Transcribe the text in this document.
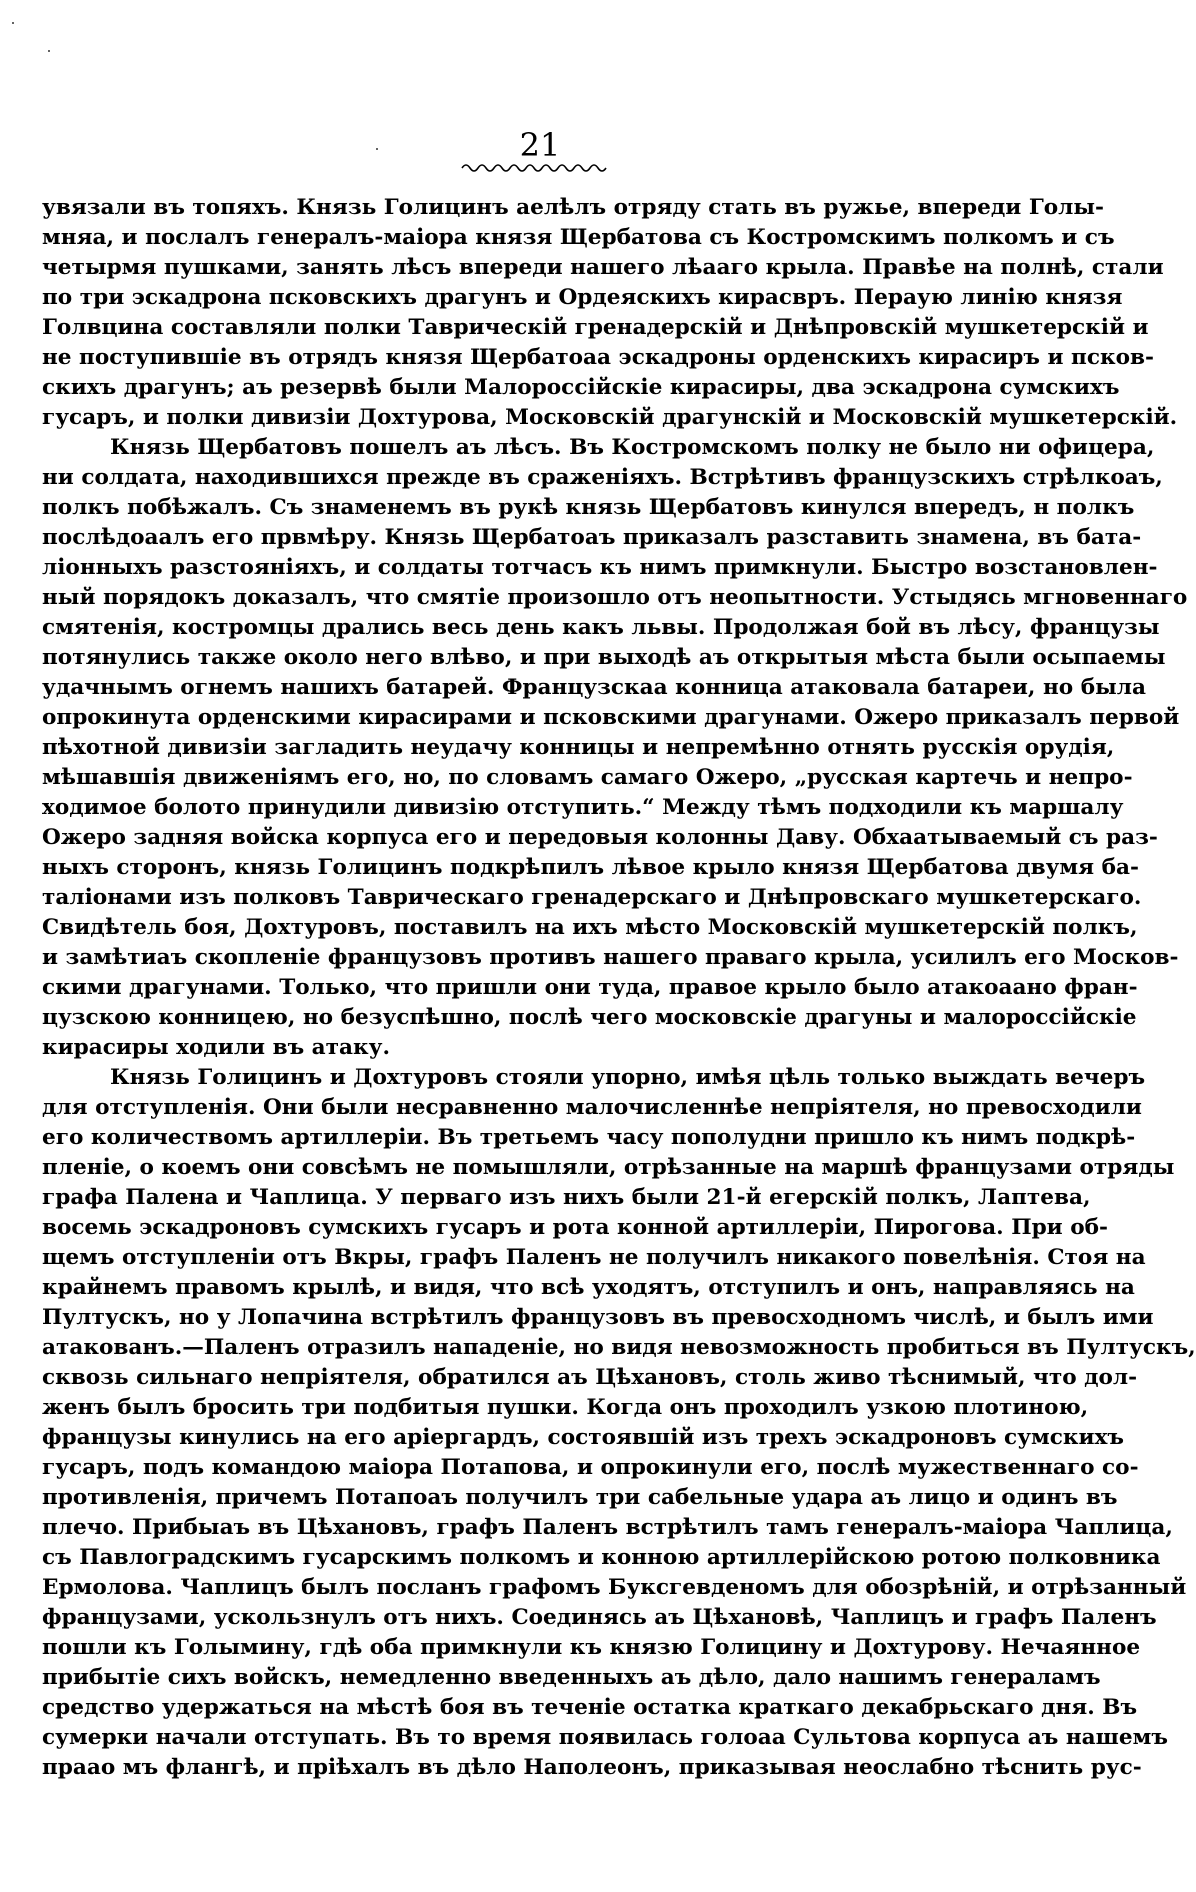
21
увязали въ топяхъ. Князь Голицинъ аелѣлъ отряду стать въ ружье, впереди Голы-
мняа, и послалъ генералъ-маіора князя Щербатова съ Костромскимъ полкомъ и съ
четырмя пушками, занять лѣсъ впереди нашего лѣааго крыла. Правѣе на полнѣ, стали
по три эскадрона псковскихъ драгунъ и Ордеяскихъ кирасвръ. Пераую линію князя
Голвцина составляли полки Таврическій гренадерскій и Днѣпровскій мушкетерскій и
не поступившіе въ отрядъ князя Щербатоаа эскадроны орденскихъ кирасиръ и псков-
скихъ драгунъ; аъ резервѣ были Малороссійскіе кирасиры, два эскадрона сумскихъ
гусаръ, и полки дивизіи Дохтурова, Московскій драгунскій и Московскій мушкетерскій.
Князь Щербатовъ пошелъ аъ лѣсъ. Въ Костромскомъ полку не было ни офицера,
ни солдата, находившихся прежде въ сраженіяхъ. Встрѣтивъ французскихъ стрѣлкоаъ,
полкъ побѣжалъ. Съ знаменемъ въ рукѣ князь Щербатовъ кинулся впередъ, н полкъ
послѣдоаалъ его првмѣру. Князь Щербатоаъ приказалъ разставить знамена, въ бата-
ліонныхъ разстояніяхъ, и солдаты тотчасъ къ нимъ примкнули. Быстро возстановлен-
ный порядокъ доказалъ, что смятіе произошло отъ неопытности. Устыдясь мгновеннаго
смятенія, костромцы дрались весь день какъ львы. Продолжая бой въ лѣсу, французы
потянулись также около него влѣво, и при выходѣ аъ открытыя мѣста были осыпаемы
удачнымъ огнемъ нашихъ батарей. Французскаа конница атаковала батареи, но была
опрокинута орденскими кирасирами и псковскими драгунами. Ожеро приказалъ первой
пѣхотной дивизіи загладить неудачу конницы и непремѣнно отнять русскія орудія,
мѣшавшія движеніямъ его, но, по словамъ самаго Ожеро, „русская картечь и непро-
ходимое болото принудили дивизію отступить.“ Между тѣмъ подходили къ маршалу
Ожеро задняя войска корпуса его и передовыя колонны Даву. Обхаатываемый съ раз-
ныхъ сторонъ, князь Голицинъ подкрѣпилъ лѣвое крыло князя Щербатова двумя ба-
таліонами изъ полковъ Таврическаго гренадерскаго и Днѣпровскаго мушкетерскаго.
Свидѣтель боя, Дохтуровъ, поставилъ на ихъ мѣсто Московскій мушкетерскій полкъ,
и замѣтиаъ скопленіе французовъ противъ нашего праваго крыла, усилилъ его Москов-
скими драгунами. Только, что пришли они туда, правое крыло было атакоаано фран-
цузскою конницею, но безуспѣшно, послѣ чего московскіе драгуны и малороссійскіе
кирасиры ходили въ атаку.
Князь Голицинъ и Дохтуровъ стояли упорно, имѣя цѣль только выждать вечеръ
для отступленія. Они были несравненно малочисленнѣе непріятеля, но превосходили
его количествомъ артиллеріи. Въ третьемъ часу пополудни пришло къ нимъ подкрѣ-
пленіе, о коемъ они совсѣмъ не помышляли, отрѣзанные на маршѣ французами отряды
графа Палена и Чаплица. У перваго изъ нихъ были 21-й егерскій полкъ, Лаптева,
восемь эскадроновъ сумскихъ гусаръ и рота конной артиллеріи, Пирогова. При об-
щемъ отступленіи отъ Вкры, графъ Паленъ не получилъ никакого повелѣнія. Стоя на
крайнемъ правомъ крылѣ, и видя, что всѣ уходятъ, отступилъ и онъ, направляясь на
Пултускъ, но у Лопачина встрѣтилъ французовъ въ превосходномъ числѣ, и былъ ими
атакованъ.—Паленъ отразилъ нападеніе, но видя невозможность пробиться въ Пултускъ,
сквозь сильнаго непріятеля, обратился аъ Цѣхановъ, столь живо тѣснимый, что дол-
женъ былъ бросить три подбитыя пушки. Когда онъ проходилъ узкою плотиною,
французы кинулись на его аріергардъ, состоявшій изъ трехъ эскадроновъ сумскихъ
гусаръ, подъ командою маіора Потапова, и опрокинули его, послѣ мужественнаго со-
противленія, причемъ Потапоаъ получилъ три сабельные удара аъ лицо и одинъ въ
плечо. Прибыаъ въ Цѣхановъ, графъ Паленъ встрѣтилъ тамъ генералъ-маіора Чаплица,
съ Павлоградскимъ гусарскимъ полкомъ и конною артиллерійскою ротою полковника
Ермолова. Чаплицъ былъ посланъ графомъ Буксгевденомъ для обозрѣній, и отрѣзанный
французами, ускользнулъ отъ нихъ. Соединясь аъ Цѣхановѣ, Чаплицъ и графъ Паленъ
пошли къ Голымину, гдѣ оба примкнули къ князю Голицину и Дохтурову. Нечаянное
прибытіе сихъ войскъ, немедленно введенныхъ аъ дѣло, дало нашимъ генераламъ
средство удержаться на мѣстѣ боя въ теченіе остатка краткаго декабрьскаго дня. Въ
сумерки начали отступать. Въ то время появилась голоаа Сультова корпуса аъ нашемъ
праао мъ флангѣ, и пріѣхалъ въ дѣло Наполеонъ, приказывая неослабно тѣснить рус-
